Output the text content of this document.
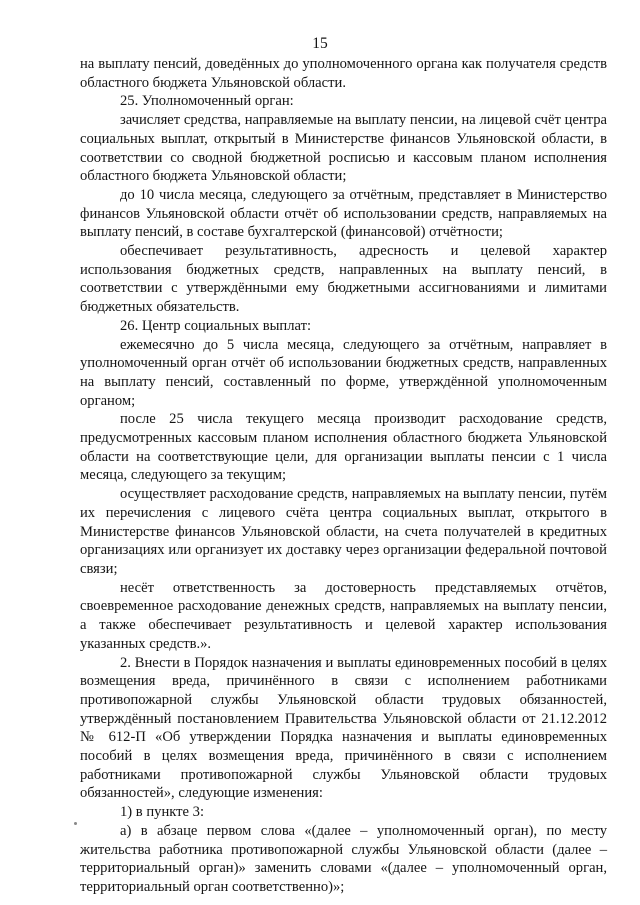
15

на выплату пенсий, доведённых до уполномоченного органа как получателя средств областного бюджета Ульяновской области.

25. Уполномоченный орган:

зачисляет средства, направляемые на выплату пенсии, на лицевой счёт центра социальных выплат, открытый в Министерстве финансов Ульяновской области, в соответствии со сводной бюджетной росписью и кассовым планом исполнения областного бюджета Ульяновской области;

до 10 числа месяца, следующего за отчётным, представляет в Министерство финансов Ульяновской области отчёт об использовании средств, направляемых на выплату пенсий, в составе бухгалтерской (финансовой) отчётности;

обеспечивает результативность, адресность и целевой характер использования бюджетных средств, направленных на выплату пенсий, в соответствии с утверждёнными ему бюджетными ассигнованиями и лимитами бюджетных обязательств.

26. Центр социальных выплат:

ежемесячно до 5 числа месяца, следующего за отчётным, направляет в уполномоченный орган отчёт об использовании бюджетных средств, направленных на выплату пенсий, составленный по форме, утверждённой уполномоченным органом;

после 25 числа текущего месяца производит расходование средств, предусмотренных кассовым планом исполнения областного бюджета Ульяновской области на соответствующие цели, для организации выплаты пенсии с 1 числа месяца, следующего за текущим;

осуществляет расходование средств, направляемых на выплату пенсии, путём их перечисления с лицевого счёта центра социальных выплат, открытого в Министерстве финансов Ульяновской области, на счета получателей в кредитных организациях или организует их доставку через организации федеральной почтовой связи;

несёт ответственность за достоверность представляемых отчётов, своевременное расходование денежных средств, направляемых на выплату пенсии, а также обеспечивает результативность и целевой характер использования указанных средств.».

2. Внести в Порядок назначения и выплаты единовременных пособий в целях возмещения вреда, причинённого в связи с исполнением работниками противопожарной службы Ульяновской области трудовых обязанностей, утверждённый постановлением Правительства Ульяновской области от 21.12.2012 № 612-П «Об утверждении Порядка назначения и выплаты единовременных пособий в целях возмещения вреда, причинённого в связи с исполнением работниками противопожарной службы Ульяновской области трудовых обязанностей», следующие изменения:

1) в пункте 3:

а) в абзаце первом слова «(далее – уполномоченный орган), по месту жительства работника противопожарной службы Ульяновской области (далее – территориальный орган)» заменить словами «(далее – уполномоченный орган, территориальный орган соответственно)»;
